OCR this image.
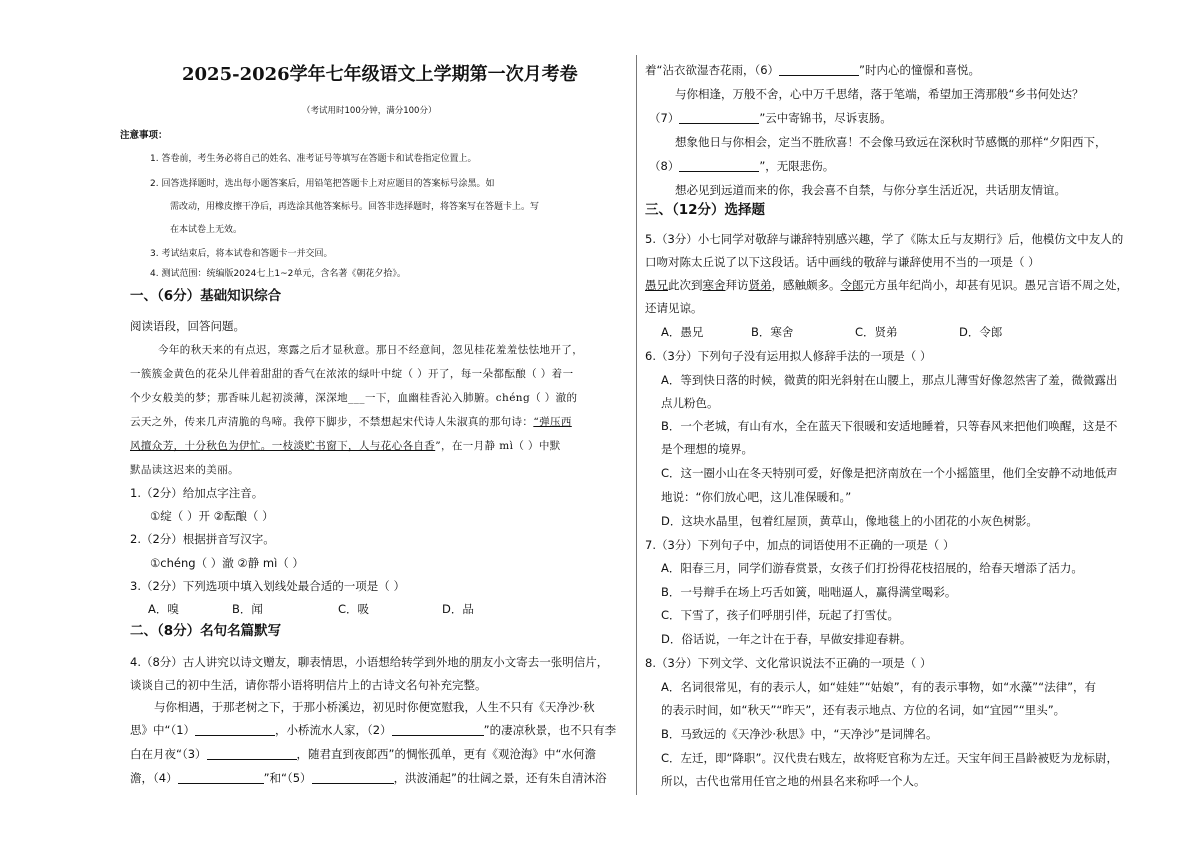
2025-2026学年七年级语文上学期第一次月考卷
（考试用时100分钟，满分100分）
注意事项：
1. 答卷前，考生务必将自己的姓名、准考证号等填写在答题卡和试卷指定位置上。
2. 回答选择题时，选出每小题答案后，用铅笔把答题卡上对应题目的答案标号涂黑。如
需改动，用橡皮擦干净后，再选涂其他答案标号。回答非选择题时，将答案写在答题卡上。写
在本试卷上无效。
3. 考试结束后，将本试卷和答题卡一并交回。
4. 测试范围：统编版2024七上1~2单元，含名著《朝花夕拾》。
一、（6分）基础知识综合
阅读语段，回答问题。
今年的秋天来的有点迟，寒露之后才显秋意。那日不经意间，忽见桂花羞羞怯怯地开了，
一簇簇金黄色的花朵儿伴着甜甜的香气在浓浓的绿叶中绽（ ）开了，每一朵都酝酿（ ）着一
个少女般美的梦；那香味儿起初淡薄，深深地___一下，血幽桂香沁入肺腑。chéng（ ）澈的
云天之外，传来几声清脆的鸟啼。我停下脚步，不禁想起宋代诗人朱淑真的那句诗：“弹压西
风擅众芳，十分秋色为伊忙。一枝淡贮书窗下，人与花心各自香”，在一月静 mì（ ）中默
默品读这迟来的美丽。
1.（2分）给加点字注音。
①绽（ ）开 ②酝酿（ ）
2.（2分）根据拼音写汉字。
①chéng（ ）澈 ②静 mì（ ）
3.（2分）下列选项中填入划线处最合适的一项是（ ）
A．嗅	B．闻	C．吸	D．品
二、（8分）名句名篇默写
4.（8分）古人讲究以诗文赠友，聊表情思，小语想给转学到外地的朋友小文寄去一张明信片，
谈谈自己的初中生活，请你帮小语将明信片上的古诗文名句补充完整。
与你相遇，于那老树之下，于那小桥溪边，初见时你便宽慰我，人生不只有《天净沙·秋
思》中“（1）	，小桥流水人家，（2）	”的凄凉秋景，也不只有李
白在月夜“（3）	，随君直到夜郎西”的惆怅孤单，更有《观沧海》中“水何澹
澹，（4）	”和“（5）	，洪波涌起”的壮阔之景，还有朱自清沐浴
着“沾衣欲湿杏花雨，（6）	”时内心的憧憬和喜悦。
与你相逢，万般不舍，心中万千思绪，落于笔端，希望加王湾那般“乡书何处达？
（7）	”云中寄锦书，尽诉衷肠。
想象他日与你相会，定当不胜欣喜！不会像马致远在深秋时节感慨的那样“夕阳西下，
（8）	”，无限悲伤。
想必见到远道而来的你，我会喜不自禁，与你分享生活近况，共话朋友情谊。
三、（12分）选择题
5.（3分）小七同学对敬辞与谦辞特别感兴趣，学了《陈太丘与友期行》后，他模仿文中友人的
口吻对陈太丘说了以下这段话。话中画线的敬辞与谦辞使用不当的一项是（ ）
愚兄此次到寒舍拜访贤弟，感触颇多。令郎元方虽年纪尚小，却甚有见识。愚兄言语不周之处，
还请见谅。
A．愚兄	B．寒舍	C．贤弟	D．令郎
6.（3分）下列句子没有运用拟人修辞手法的一项是（ ）
A．等到快日落的时候，微黄的阳光斜射在山腰上，那点儿薄雪好像忽然害了羞，微微露出
点儿粉色。
B．一个老城，有山有水，全在蓝天下很暖和安适地睡着，只等春风来把他们唤醒，这是不
是个理想的境界。
C．这一圈小山在冬天特别可爱，好像是把济南放在一个小摇篮里，他们全安静不动地低声
地说：“你们放心吧，这儿准保暖和。”
D．这块水晶里，包着红屋顶，黄草山，像地毯上的小团花的小灰色树影。
7.（3分）下列句子中，加点的词语使用不正确的一项是（ ）
A．阳春三月，同学们游春赏景，女孩子们打扮得花枝招展的，给春天增添了活力。
B．一号辩手在场上巧舌如簧，咄咄逼人，赢得满堂喝彩。
C．下雪了，孩子们呼朋引伴，玩起了打雪仗。
D．俗话说，一年之计在于春，早做安排迎春耕。
8.（3分）下列文学、文化常识说法不正确的一项是（ ）
A．名词很常见，有的表示人，如“娃娃”“姑娘”，有的表示事物，如“水藻”“法律”，有
的表示时间，如“秋天”“昨天”，还有表示地点、方位的名词，如“宜园”“里头”。
B．马致远的《天净沙·秋思》中，“天净沙”是词牌名。
C．左迁，即“降职”。汉代贵右贱左，故将贬官称为左迁。天宝年间王昌龄被贬为龙标尉，
所以，古代也常用任官之地的州县名来称呼一个人。
